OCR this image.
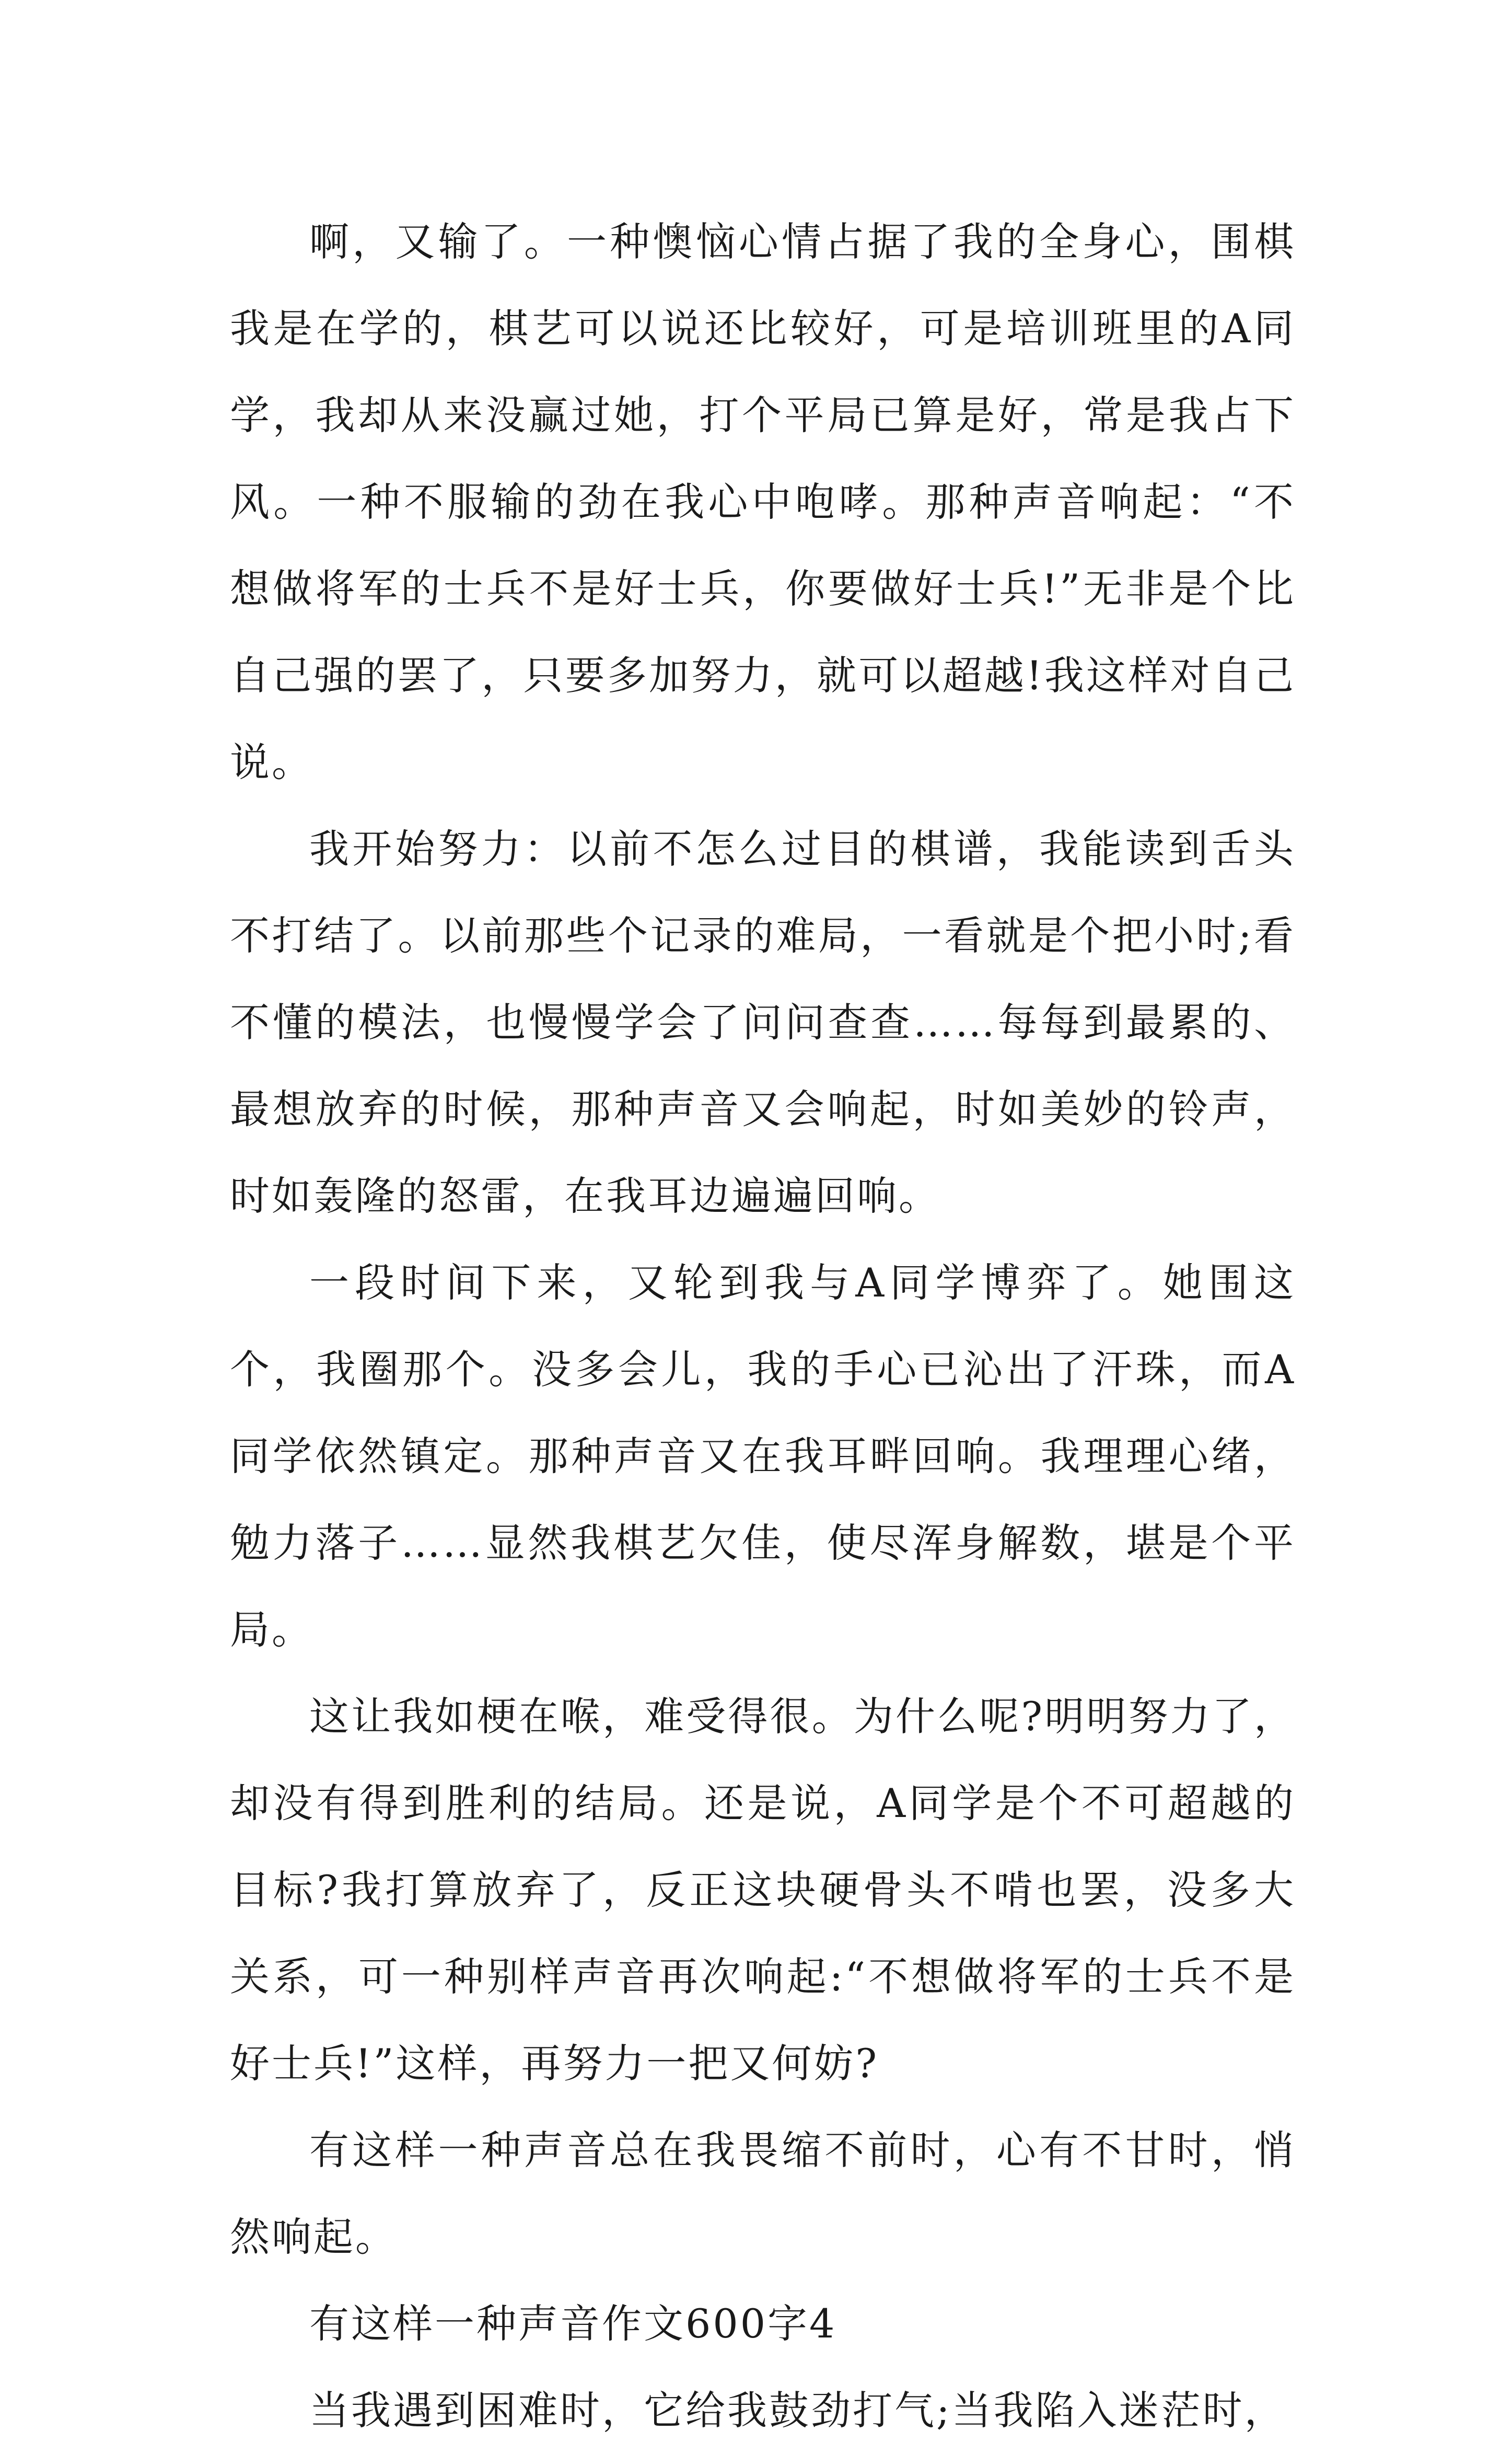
啊，又输了。一种懊恼心情占据了我的全身心，围棋我是在学的，棋艺可以说还比较好，可是培训班里的A同学，我却从来没赢过她，打个平局已算是好，常是我占下风。一种不服输的劲在我心中咆哮。那种声音响起：“不想做将军的士兵不是好士兵，你要做好士兵!”无非是个比自己强的罢了，只要多加努力，就可以超越!我这样对自己说。

我开始努力：以前不怎么过目的棋谱，我能读到舌头不打结了。以前那些个记录的难局，一看就是个把小时;看不懂的模法，也慢慢学会了问问查查……每每到最累的、最想放弃的时候，那种声音又会响起，时如美妙的铃声，时如轰隆的怒雷，在我耳边遍遍回响。

一段时间下来，又轮到我与A同学博弈了。她围这个，我圈那个。没多会儿，我的手心已沁出了汗珠，而A同学依然镇定。那种声音又在我耳畔回响。我理理心绪，勉力落子……显然我棋艺欠佳，使尽浑身解数，堪是个平局。

这让我如梗在喉，难受得很。为什么呢?明明努力了，却没有得到胜利的结局。还是说，A同学是个不可超越的目标?我打算放弃了，反正这块硬骨头不啃也罢，没多大关系，可一种别样声音再次响起:“不想做将军的士兵不是好士兵!”这样，再努力一把又何妨?

有这样一种声音总在我畏缩不前时，心有不甘时，悄然响起。

有这样一种声音作文600字4

当我遇到困难时，它给我鼓劲打气;当我陷入迷茫时，
